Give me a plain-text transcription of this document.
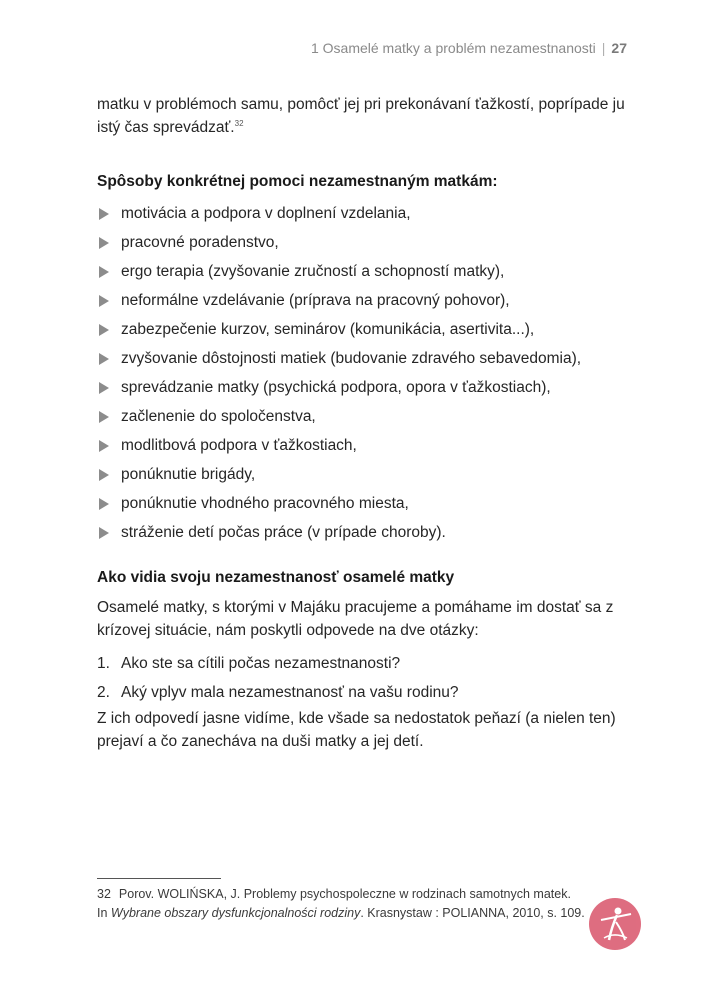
1 Osamelé matky a problém nezamestnanosti | 27
matku v problémoch samu, pomôcť jej pri prekonávaní ťažkostí, poprípade ju istý čas sprevádzať.$^{32}$
Spôsoby konkrétnej pomoci nezamestnaným matkám:
motivácia a podpora v doplnení vzdelania,
pracovné poradenstvo,
ergo terapia (zvyšovanie zručností a schopností matky),
neformálne vzdelávanie (príprava na pracovný pohovor),
zabezpečenie kurzov, seminárov (komunikácia, asertivita...),
zvyšovanie dôstojnosti matiek (budovanie zdravého sebavedomia),
sprevádzanie matky (psychická podpora, opora v ťažkostiach),
začlenenie do spoločenstva,
modlitbová podpora v ťažkostiach,
ponúknutie brigády,
ponúknutie vhodného pracovného miesta,
stráženie detí počas práce (v prípade choroby).
Ako vidia svoju nezamestnanosť osamelé matky
Osamelé matky, s ktorými v Majáku pracujeme a pomáhame im dostať sa z krízovej situácie, nám poskytli odpovede na dve otázky:
1. Ako ste sa cítili počas nezamestnanosti?
2. Aký vplyv mala nezamestnanosť na vašu rodinu?
Z ich odpovedí jasne vidíme, kde všade sa nedostatok peňazí (a nielen ten) prejaví a čo zanecháva na duši matky a jej detí.
32 Porov. WOLIŃSKA, J. Problemy psychospoleczne w rodzinach samotnych matek.
In Wybrane obszary dysfunkcjonalności rodziny. Krasnystaw : POLIANNA, 2010, s. 109.
